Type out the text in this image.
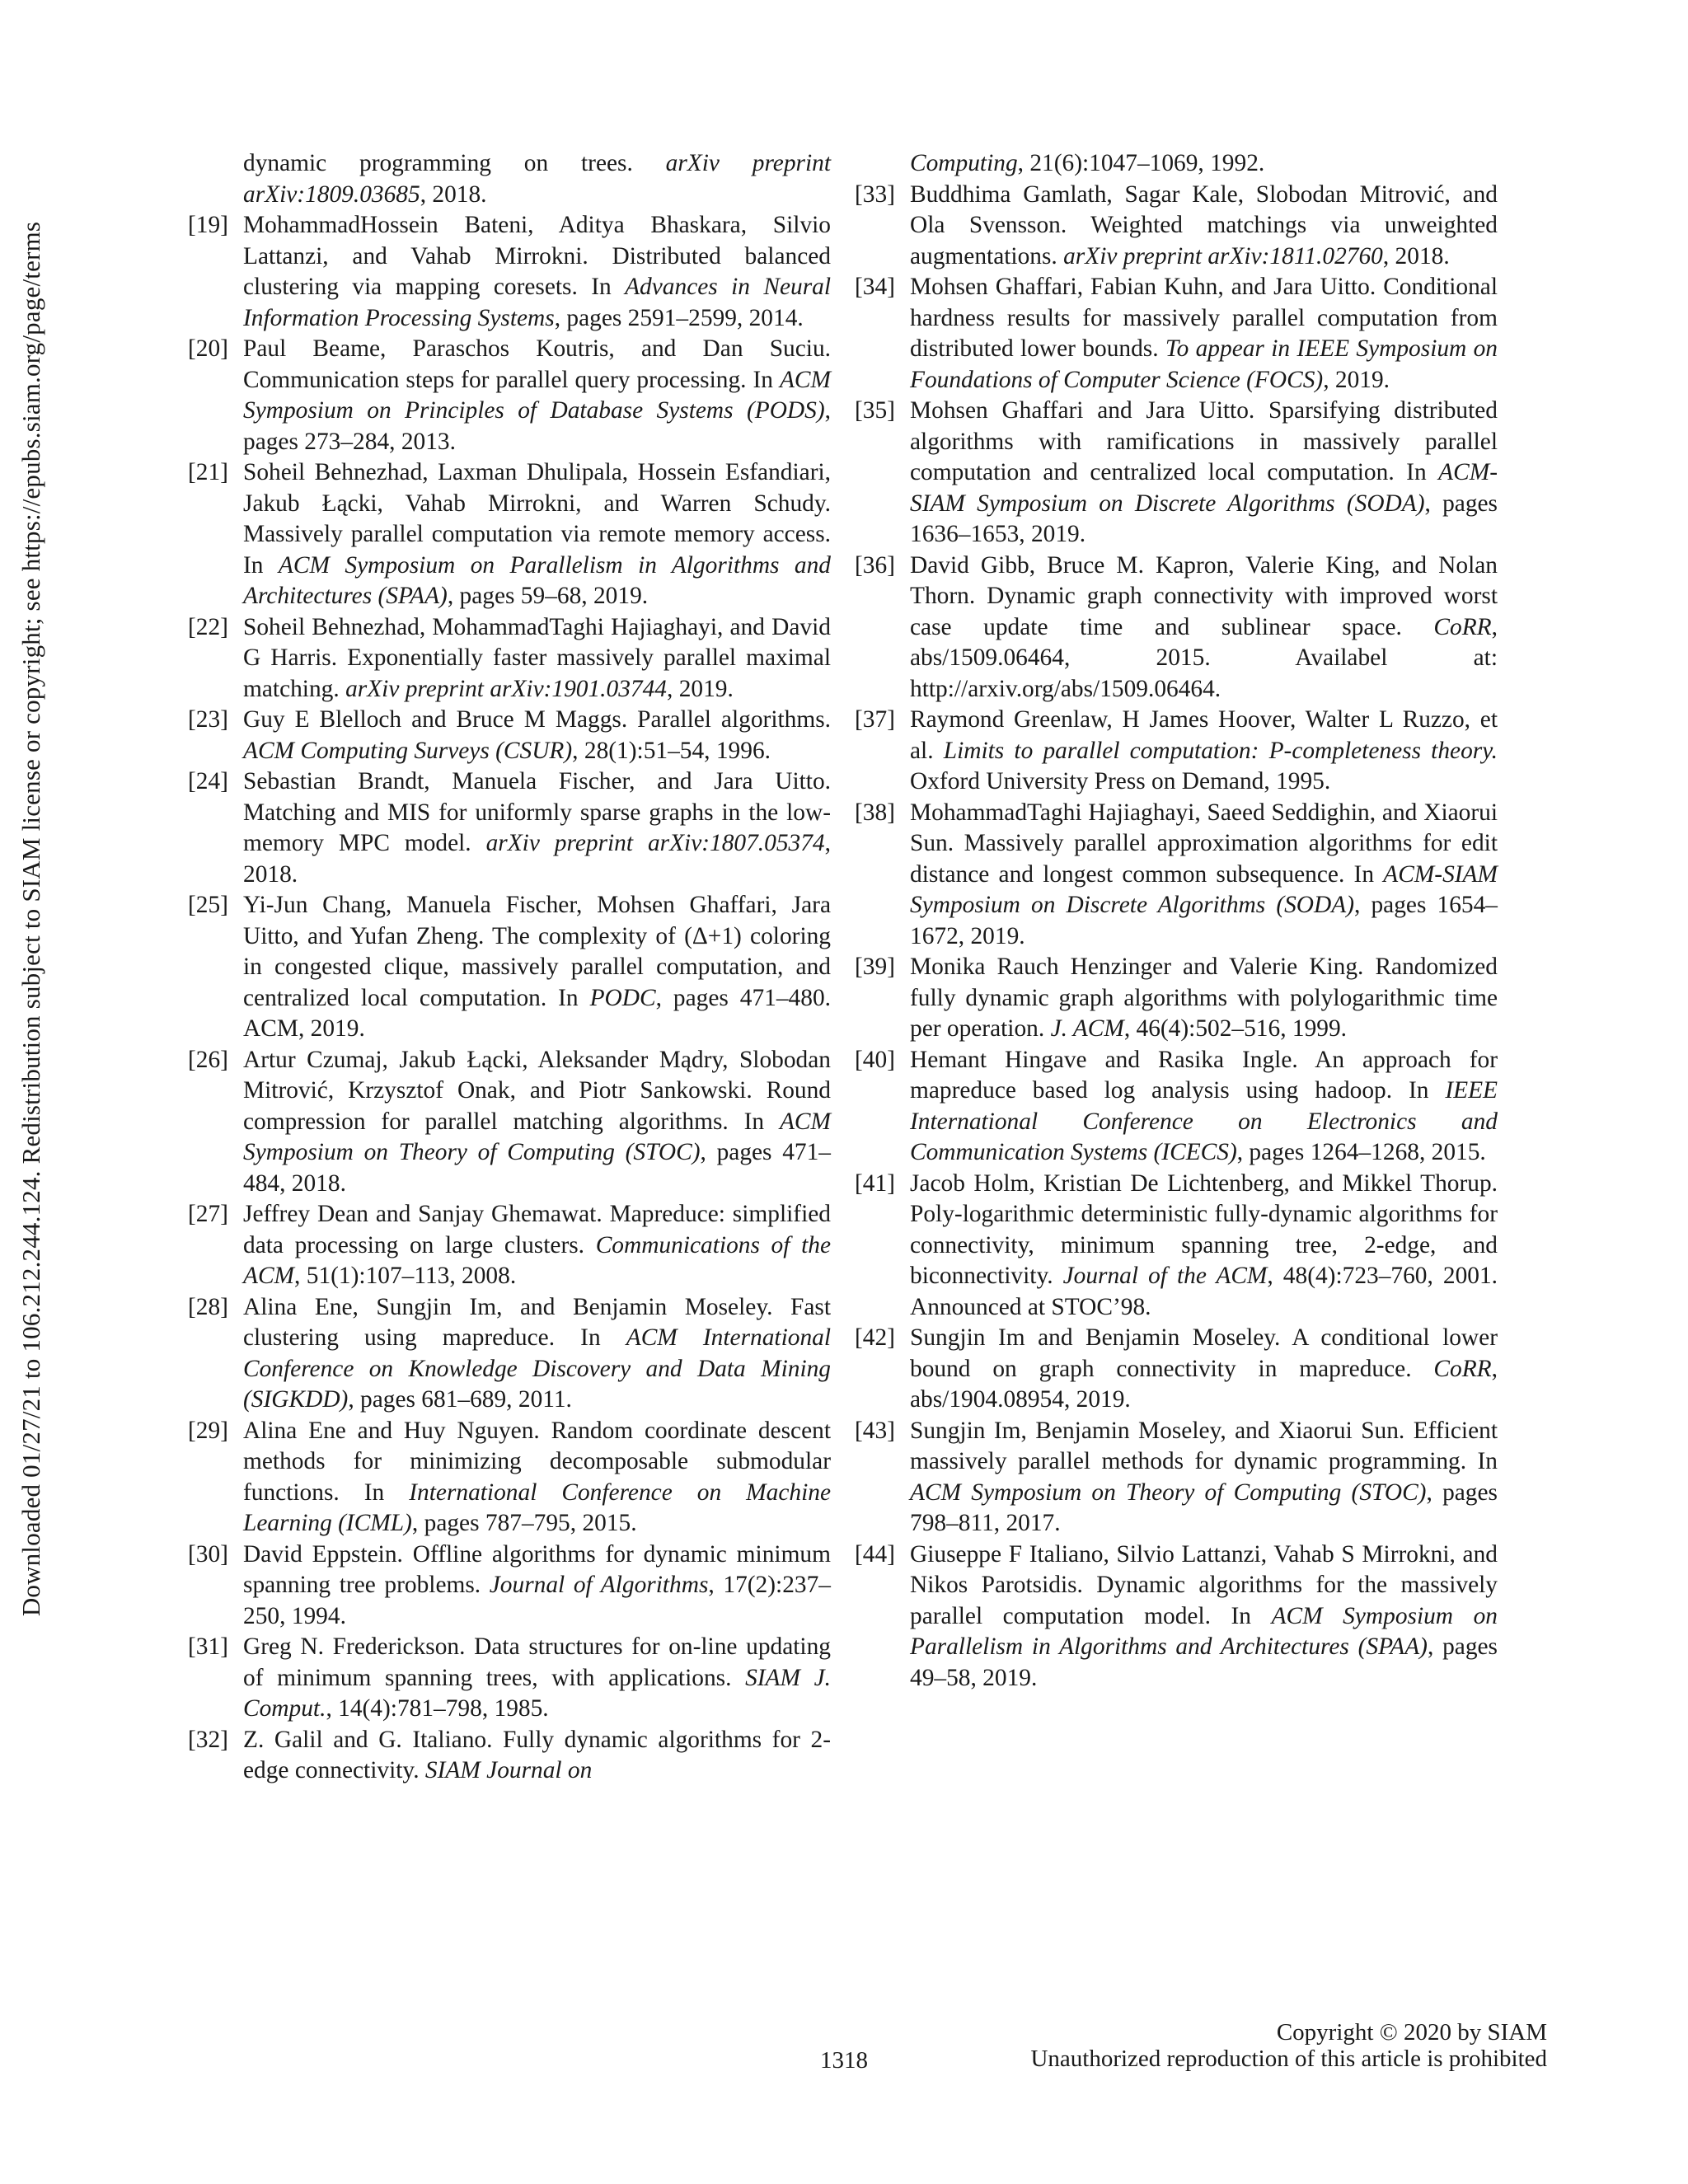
Downloaded 01/27/21 to 106.212.244.124. Redistribution subject to SIAM license or copyright; see https://epubs.siam.org/page/terms
dynamic programming on trees. arXiv preprint arXiv:1809.03685, 2018.
[19] MohammadHossein Bateni, Aditya Bhaskara, Silvio Lattanzi, and Vahab Mirrokni. Distributed balanced clustering via mapping coresets. In Advances in Neural Information Processing Systems, pages 2591–2599, 2014.
[20] Paul Beame, Paraschos Koutris, and Dan Suciu. Communication steps for parallel query processing. In ACM Symposium on Principles of Database Systems (PODS), pages 273–284, 2013.
[21] Soheil Behnezhad, Laxman Dhulipala, Hossein Esfandiari, Jakub Łącki, Vahab Mirrokni, and Warren Schudy. Massively parallel computation via remote memory access. In ACM Symposium on Parallelism in Algorithms and Architectures (SPAA), pages 59–68, 2019.
[22] Soheil Behnezhad, MohammadTaghi Hajiaghayi, and David G Harris. Exponentially faster massively parallel maximal matching. arXiv preprint arXiv:1901.03744, 2019.
[23] Guy E Blelloch and Bruce M Maggs. Parallel algorithms. ACM Computing Surveys (CSUR), 28(1):51–54, 1996.
[24] Sebastian Brandt, Manuela Fischer, and Jara Uitto. Matching and MIS for uniformly sparse graphs in the low-memory MPC model. arXiv preprint arXiv:1807.05374, 2018.
[25] Yi-Jun Chang, Manuela Fischer, Mohsen Ghaffari, Jara Uitto, and Yufan Zheng. The complexity of (Δ+1) coloring in congested clique, massively parallel computation, and centralized local computation. In PODC, pages 471–480. ACM, 2019.
[26] Artur Czumaj, Jakub Łącki, Aleksander Mądry, Slobodan Mitrović, Krzysztof Onak, and Piotr Sankowski. Round compression for parallel matching algorithms. In ACM Symposium on Theory of Computing (STOC), pages 471–484, 2018.
[27] Jeffrey Dean and Sanjay Ghemawat. Mapreduce: simplified data processing on large clusters. Communications of the ACM, 51(1):107–113, 2008.
[28] Alina Ene, Sungjin Im, and Benjamin Moseley. Fast clustering using mapreduce. In ACM International Conference on Knowledge Discovery and Data Mining (SIGKDD), pages 681–689, 2011.
[29] Alina Ene and Huy Nguyen. Random coordinate descent methods for minimizing decomposable submodular functions. In International Conference on Machine Learning (ICML), pages 787–795, 2015.
[30] David Eppstein. Offline algorithms for dynamic minimum spanning tree problems. Journal of Algorithms, 17(2):237–250, 1994.
[31] Greg N. Frederickson. Data structures for on-line updating of minimum spanning trees, with applications. SIAM J. Comput., 14(4):781–798, 1985.
[32] Z. Galil and G. Italiano. Fully dynamic algorithms for 2-edge connectivity. SIAM Journal on
Computing, 21(6):1047–1069, 1992.
[33] Buddhima Gamlath, Sagar Kale, Slobodan Mitrović, and Ola Svensson. Weighted matchings via unweighted augmentations. arXiv preprint arXiv:1811.02760, 2018.
[34] Mohsen Ghaffari, Fabian Kuhn, and Jara Uitto. Conditional hardness results for massively parallel computation from distributed lower bounds. To appear in IEEE Symposium on Foundations of Computer Science (FOCS), 2019.
[35] Mohsen Ghaffari and Jara Uitto. Sparsifying distributed algorithms with ramifications in massively parallel computation and centralized local computation. In ACM-SIAM Symposium on Discrete Algorithms (SODA), pages 1636–1653, 2019.
[36] David Gibb, Bruce M. Kapron, Valerie King, and Nolan Thorn. Dynamic graph connectivity with improved worst case update time and sublinear space. CoRR, abs/1509.06464, 2015. Availabel at: http://arxiv.org/abs/1509.06464.
[37] Raymond Greenlaw, H James Hoover, Walter L Ruzzo, et al. Limits to parallel computation: P-completeness theory. Oxford University Press on Demand, 1995.
[38] MohammadTaghi Hajiaghayi, Saeed Seddighin, and Xiaorui Sun. Massively parallel approximation algorithms for edit distance and longest common subsequence. In ACM-SIAM Symposium on Discrete Algorithms (SODA), pages 1654–1672, 2019.
[39] Monika Rauch Henzinger and Valerie King. Randomized fully dynamic graph algorithms with polylogarithmic time per operation. J. ACM, 46(4):502–516, 1999.
[40] Hemant Hingave and Rasika Ingle. An approach for mapreduce based log analysis using hadoop. In IEEE International Conference on Electronics and Communication Systems (ICECS), pages 1264–1268, 2015.
[41] Jacob Holm, Kristian De Lichtenberg, and Mikkel Thorup. Poly-logarithmic deterministic fully-dynamic algorithms for connectivity, minimum spanning tree, 2-edge, and biconnectivity. Journal of the ACM, 48(4):723–760, 2001. Announced at STOC’98.
[42] Sungjin Im and Benjamin Moseley. A conditional lower bound on graph connectivity in mapreduce. CoRR, abs/1904.08954, 2019.
[43] Sungjin Im, Benjamin Moseley, and Xiaorui Sun. Efficient massively parallel methods for dynamic programming. In ACM Symposium on Theory of Computing (STOC), pages 798–811, 2017.
[44] Giuseppe F Italiano, Silvio Lattanzi, Vahab S Mirrokni, and Nikos Parotsidis. Dynamic algorithms for the massively parallel computation model. In ACM Symposium on Parallelism in Algorithms and Architectures (SPAA), pages 49–58, 2019.
1318
Copyright © 2020 by SIAM
Unauthorized reproduction of this article is prohibited
